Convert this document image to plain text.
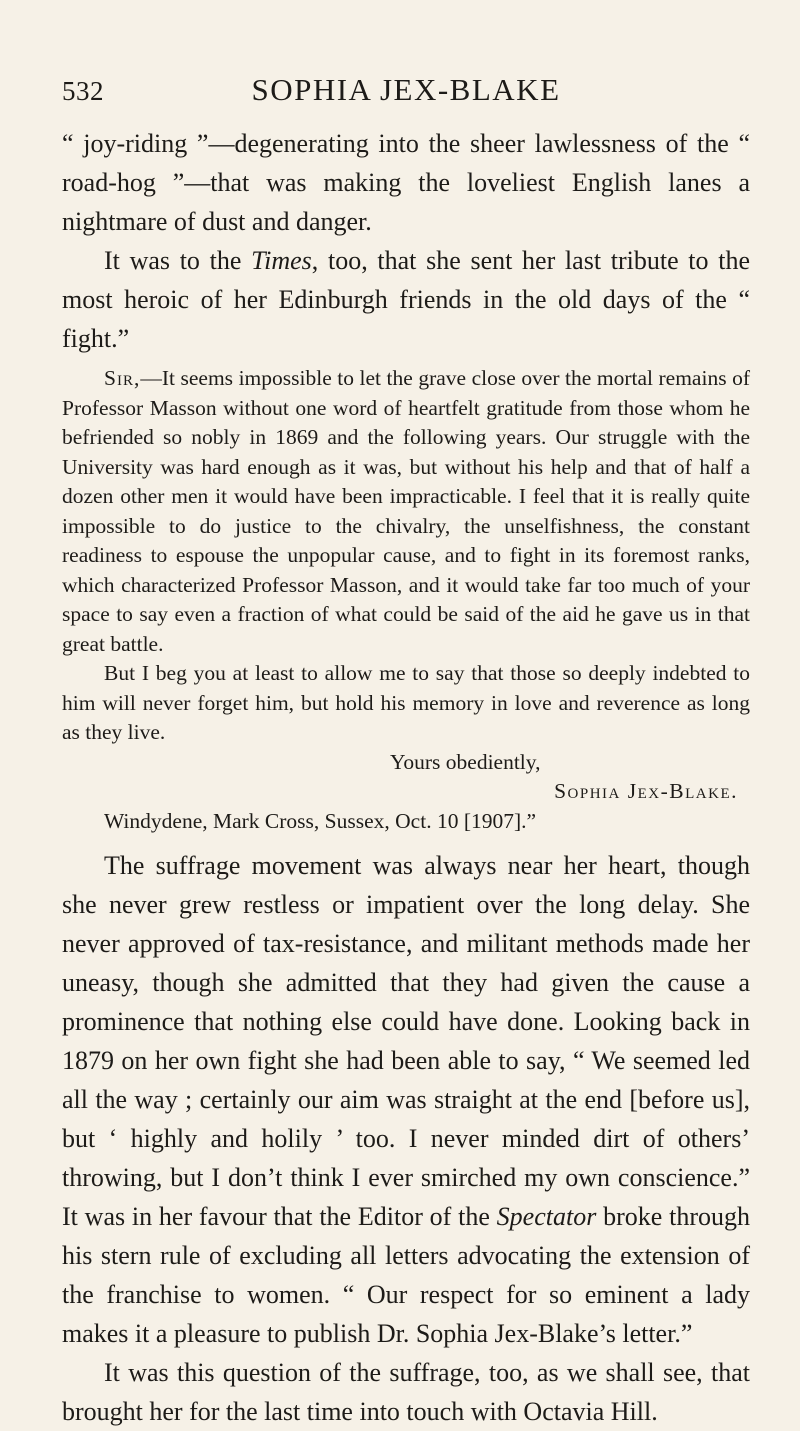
532	SOPHIA JEX-BLAKE

“ joy-riding ”—degenerating into the sheer lawlessness of the “ road-hog ”—that was making the loveliest English lanes a nightmare of dust and danger.

It was to the Times, too, that she sent her last tribute to the most heroic of her Edinburgh friends in the old days of the “ fight.”

Sir,—It seems impossible to let the grave close over the mortal remains of Professor Masson without one word of heartfelt gratitude from those whom he befriended so nobly in 1869 and the following years. Our struggle with the University was hard enough as it was, but without his help and that of half a dozen other men it would have been impracticable. I feel that it is really quite impossible to do justice to the chivalry, the unselfishness, the constant readiness to espouse the unpopular cause, and to fight in its foremost ranks, which characterized Professor Masson, and it would take far too much of your space to say even a fraction of what could be said of the aid he gave us in that great battle.

But I beg you at least to allow me to say that those so deeply indebted to him will never forget him, but hold his memory in love and reverence as long as they live.

Yours obediently,

Sophia Jex-Blake.

Windydene, Mark Cross, Sussex, Oct. 10 [1907].”

The suffrage movement was always near her heart, though she never grew restless or impatient over the long delay. She never approved of tax-resistance, and militant methods made her uneasy, though she admitted that they had given the cause a prominence that nothing else could have done. Looking back in 1879 on her own fight she had been able to say, “ We seemed led all the way ; certainly our aim was straight at the end [before us], but ‘ highly and holily ’ too. I never minded dirt of others’ throwing, but I don’t think I ever smirched my own conscience.” It was in her favour that the Editor of the Spectator broke through his stern rule of excluding all letters advocating the extension of the franchise to women. “ Our respect for so eminent a lady makes it a pleasure to publish Dr. Sophia Jex-Blake’s letter.”

It was this question of the suffrage, too, as we shall see, that brought her for the last time into touch with Octavia Hill.
